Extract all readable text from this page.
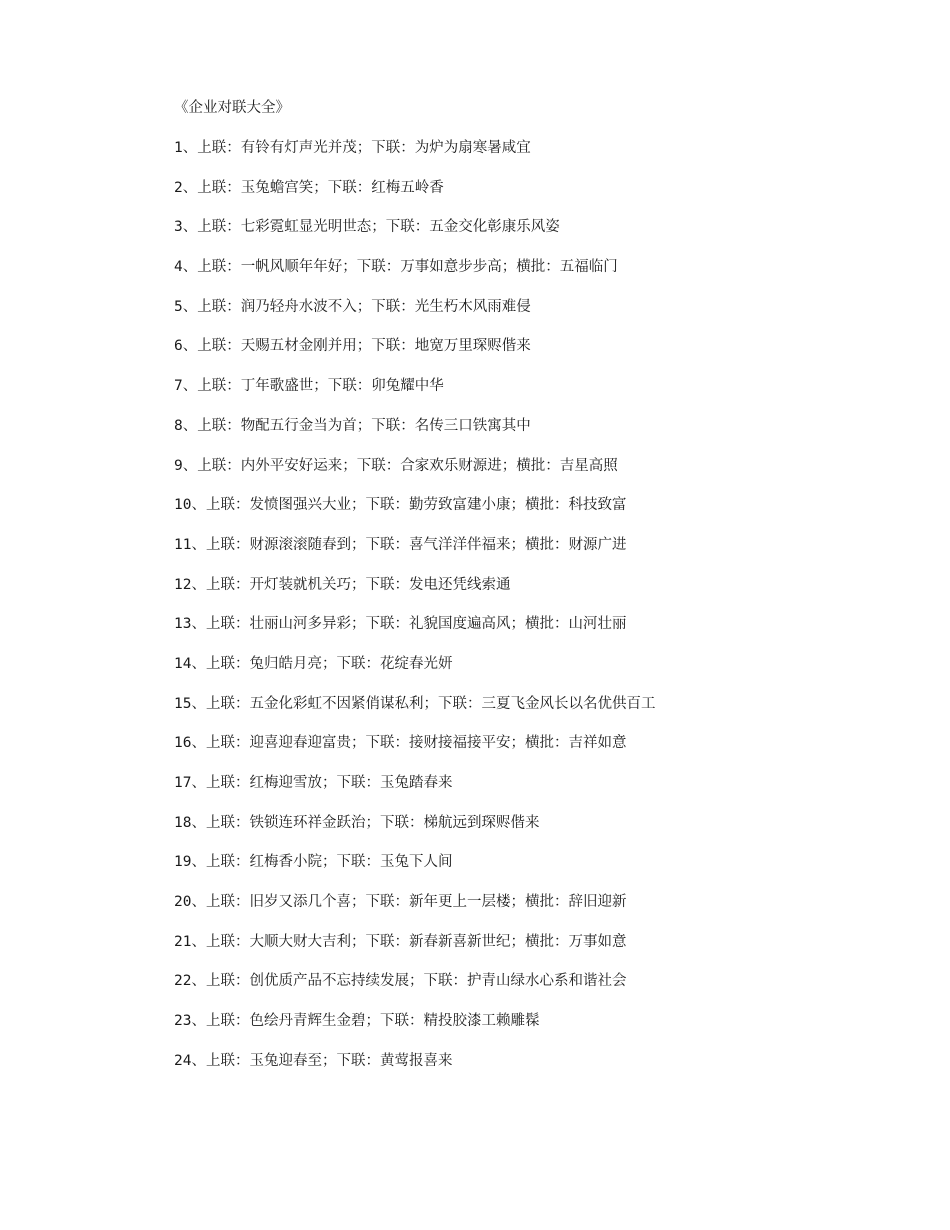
《企业对联大全》
1、上联：有铃有灯声光并茂；下联：为炉为扇寒暑咸宜
2、上联：玉兔蟾宫笑；下联：红梅五岭香
3、上联：七彩霓虹显光明世态；下联：五金交化彰康乐风姿
4、上联：一帆风顺年年好；下联：万事如意步步高；横批：五福临门
5、上联：润乃轻舟水波不入；下联：光生朽木风雨难侵
6、上联：天赐五材金刚并用；下联：地宽万里琛赆偕来
7、上联：丁年歌盛世；下联：卯兔耀中华
8、上联：物配五行金当为首；下联：名传三口铁寓其中
9、上联：内外平安好运来；下联：合家欢乐财源进；横批：吉星高照
10、上联：发愤图强兴大业；下联：勤劳致富建小康；横批：科技致富
11、上联：财源滚滚随春到；下联：喜气洋洋伴福来；横批：财源广进
12、上联：开灯装就机关巧；下联：发电还凭线索通
13、上联：壮丽山河多异彩；下联：礼貌国度遍高风；横批：山河壮丽
14、上联：兔归皓月亮；下联：花绽春光妍
15、上联：五金化彩虹不因紧俏谋私利；下联：三夏飞金风长以名优供百工
16、上联：迎喜迎春迎富贵；下联：接财接福接平安；横批：吉祥如意
17、上联：红梅迎雪放；下联：玉兔踏春来
18、上联：铁锁连环祥金跃治；下联：梯航远到琛赆偕来
19、上联：红梅香小院；下联：玉兔下人间
20、上联：旧岁又添几个喜；下联：新年更上一层楼；横批：辞旧迎新
21、上联：大顺大财大吉利；下联：新春新喜新世纪；横批：万事如意
22、上联：创优质产品不忘持续发展；下联：护青山绿水心系和谐社会
23、上联：色绘丹青辉生金碧；下联：精投胶漆工赖雕髹
24、上联：玉兔迎春至；下联：黄莺报喜来
